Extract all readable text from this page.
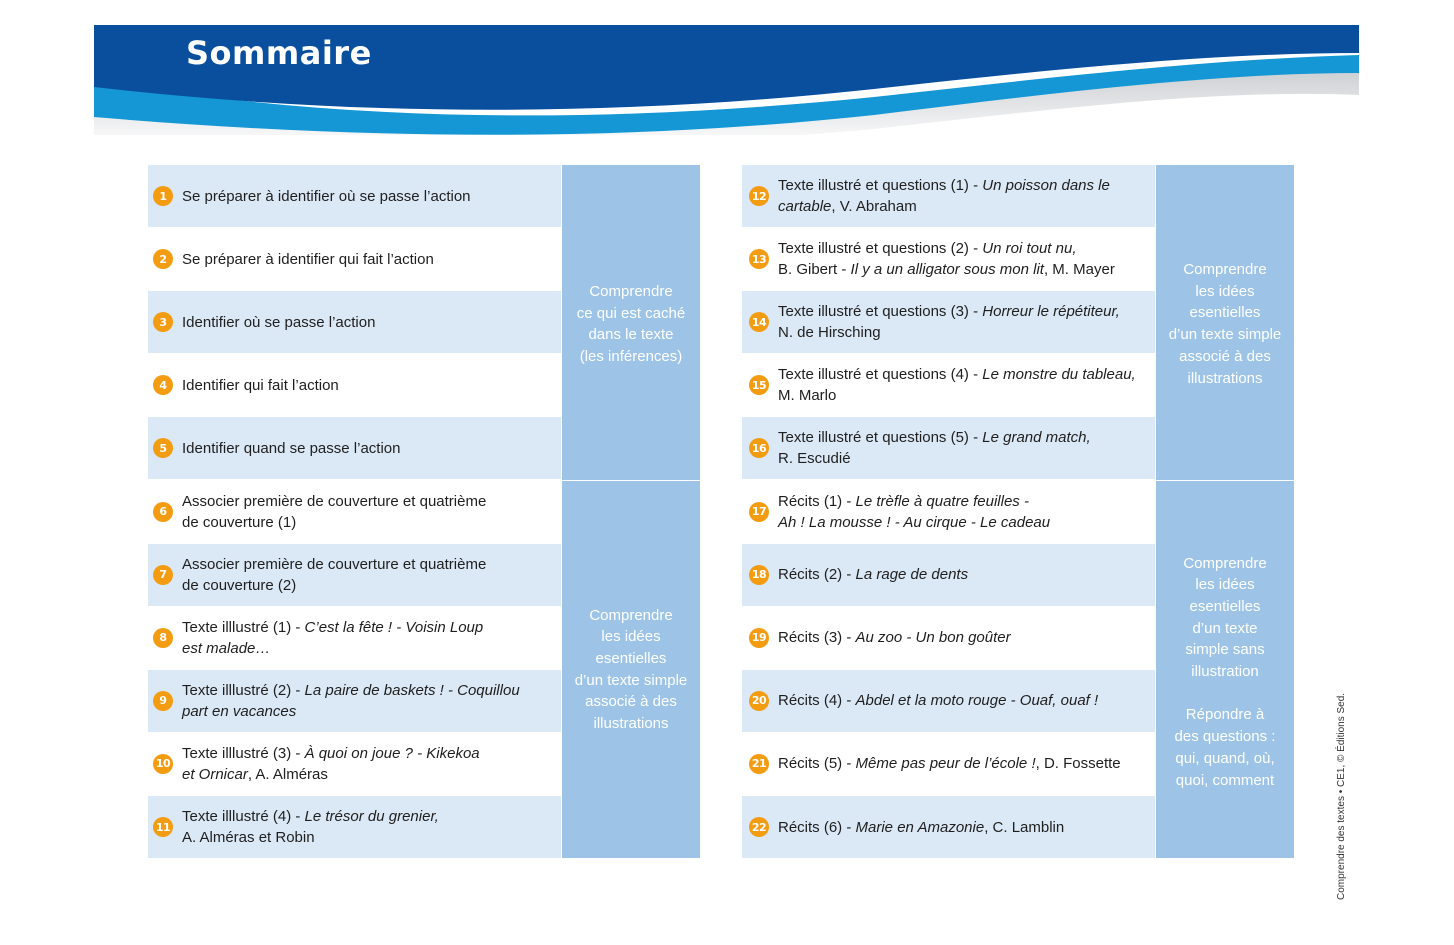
Sommaire
1	Se préparer à identifier où se passe l’action
2	Se préparer à identifier qui fait l’action
3	Identifier où se passe l’action
4	Identifier qui fait l’action
5	Identifier quand se passe l’action
6
Associer première de couverture et quatrième
de couverture (1)
7
Associer première de couverture et quatrième
de couverture (2)
8
Texte illlustré (1) - C’est la fête ! - Voisin Loup
est malade…
9
Texte illlustré (2) - La paire de baskets ! - Coquillou
part en vacances
10
Texte illlustré (3) - À quoi on joue ? - Kikekoa
et Ornicar, A. Alméras
11
Texte illlustré (4) - Le trésor du grenier,
A. Alméras et Robin
Comprendre
ce qui est caché
dans le texte
(les inférences)
Comprendre
les idées
esentielles
d’un texte simple
associé à des
illustrations
12
Texte illustré et questions (1) - Un poisson dans le
cartable, V. Abraham
13
Texte illustré et questions (2) - Un roi tout nu,
B. Gibert - Il y a un alligator sous mon lit, M. Mayer
14
Texte illustré et questions (3) - Horreur le répétiteur,
N. de Hirsching
15
Texte illustré et questions (4) - Le monstre du tableau,
M. Marlo
16
Texte illustré et questions (5) - Le grand match,
R. Escudié
17
Récits (1) - Le trèfle à quatre feuilles -
Ah ! La mousse ! - Au cirque - Le cadeau
18 Récits (2) - La rage de dents
19 Récits (3) - Au zoo - Un bon goûter
20 Récits (4) - Abdel et la moto rouge - Ouaf, ouaf !
21 Récits (5) - Même pas peur de l’école !, D. Fossette
22 Récits (6) - Marie en Amazonie, C. Lamblin
Comprendre
les idées
esentielles
d’un texte simple
associé à des
illustrations
Comprendre
les idées
esentielles
d’un texte
simple sans
illustration

Répondre à
des questions :
qui, quand, où,
quoi, comment	Comprendre des textes • CE1, © Éditions Sed.
